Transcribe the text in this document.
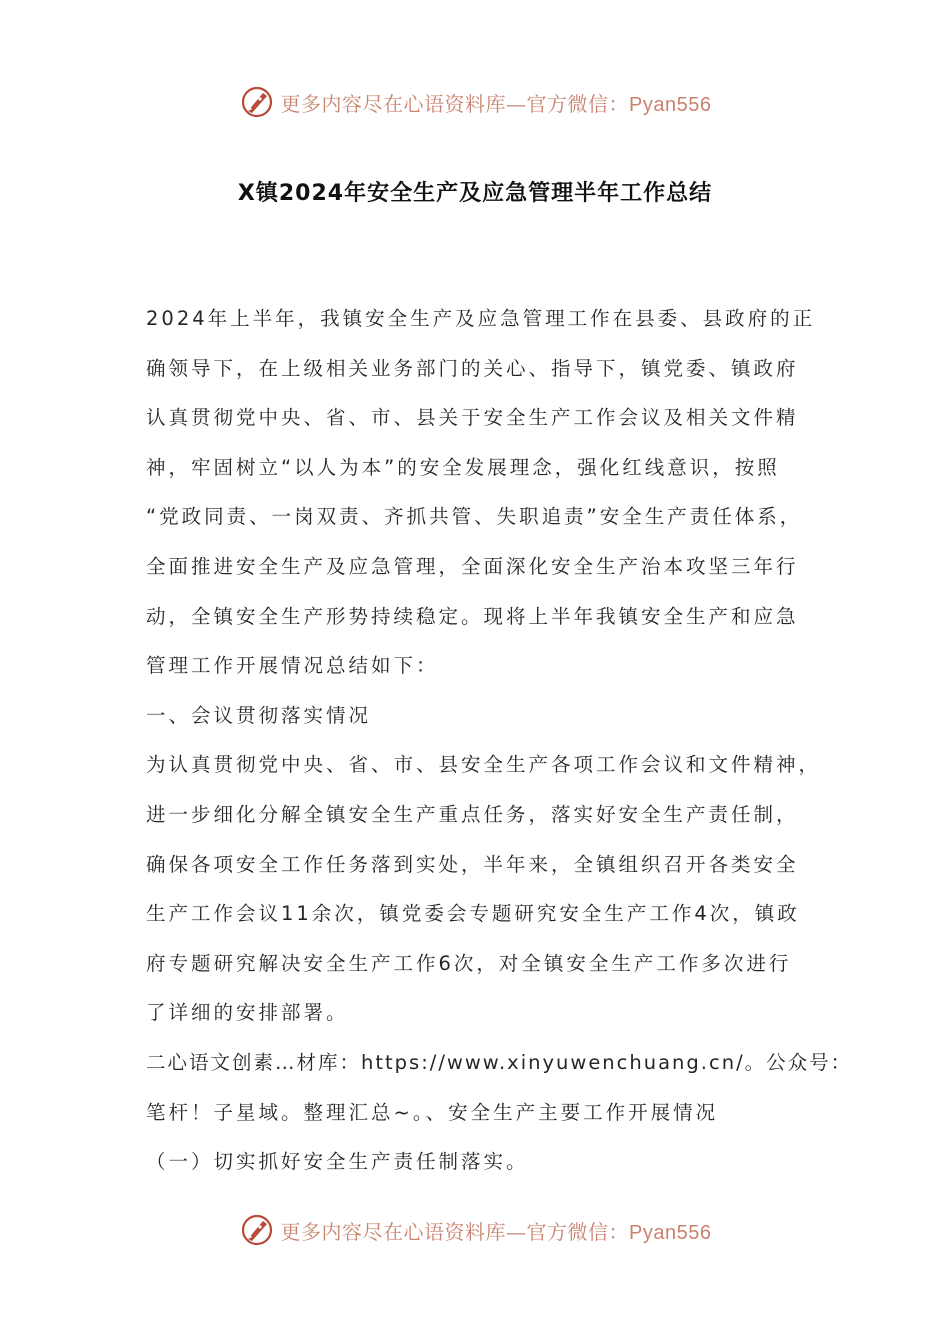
更多内容尽在心语资料库—官方微信：Pyan556
X镇2024年安全生产及应急管理半年工作总结
2024年上半年，我镇安全生产及应急管理工作在县委、县政府的正
确领导下，在上级相关业务部门的关心、指导下，镇党委、镇政府
认真贯彻党中央、省、市、县关于安全生产工作会议及相关文件精
神，牢固树立“以人为本”的安全发展理念，强化红线意识，按照
“党政同责、一岗双责、齐抓共管、失职追责”安全生产责任体系，
全面推进安全生产及应急管理，全面深化安全生产治本攻坚三年行
动，全镇安全生产形势持续稳定。现将上半年我镇安全生产和应急
管理工作开展情况总结如下：
一、会议贯彻落实情况
为认真贯彻党中央、省、市、县安全生产各项工作会议和文件精神，
进一步细化分解全镇安全生产重点任务，落实好安全生产责任制，
确保各项安全工作任务落到实处，半年来，全镇组织召开各类安全
生产工作会议11余次，镇党委会专题研究安全生产工作4次，镇政
府专题研究解决安全生产工作6次，对全镇安全生产工作多次进行
了详细的安排部署。
二心语文创素…材库：https://www.xinyuwenchuang.cn/。公众号：
笔杆！子星域。整理汇总~。、安全生产主要工作开展情况
（一）切实抓好安全生产责任制落实。
更多内容尽在心语资料库—官方微信：Pyan556
